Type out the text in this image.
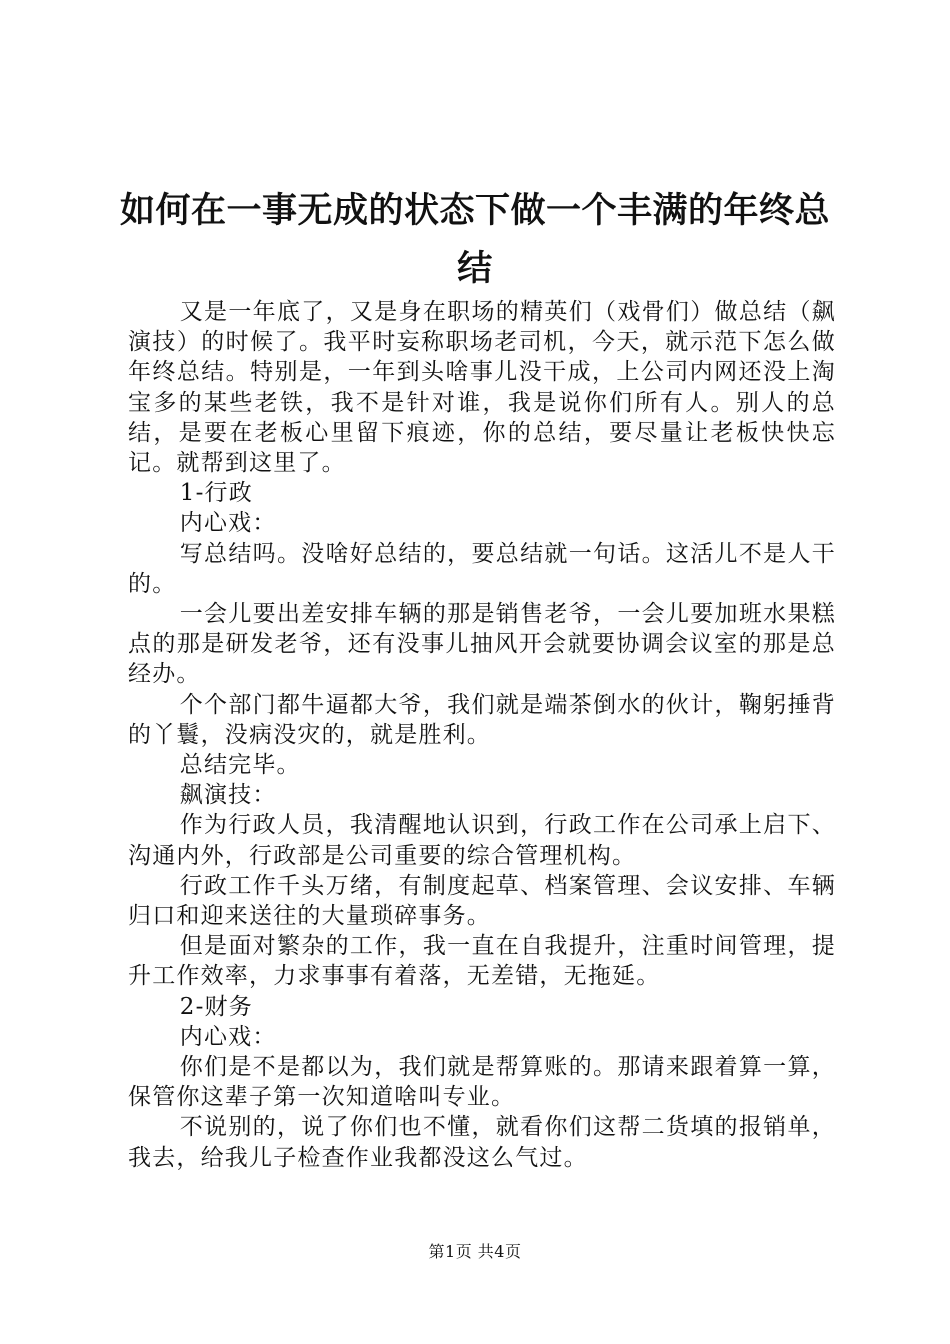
如何在一事无成的状态下做一个丰满的年终总结

又是一年底了，又是身在职场的精英们（戏骨们）做总结（飙演技）的时候了。我平时妄称职场老司机，今天，就示范下怎么做年终总结。特别是，一年到头啥事儿没干成，上公司内网还没上淘宝多的某些老铁，我不是针对谁，我是说你们所有人。别人的总结，是要在老板心里留下痕迹，你的总结，要尽量让老板快快忘记。就帮到这里了。

1-行政

内心戏：

写总结吗。没啥好总结的，要总结就一句话。这活儿不是人干的。

一会儿要出差安排车辆的那是销售老爷，一会儿要加班水果糕点的那是研发老爷，还有没事儿抽风开会就要协调会议室的那是总经办。

个个部门都牛逼都大爷，我们就是端茶倒水的伙计，鞠躬捶背的丫鬟，没病没灾的，就是胜利。

总结完毕。

飙演技：

作为行政人员，我清醒地认识到，行政工作在公司承上启下、沟通内外，行政部是公司重要的综合管理机构。

行政工作千头万绪，有制度起草、档案管理、会议安排、车辆归口和迎来送往的大量琐碎事务。

但是面对繁杂的工作，我一直在自我提升，注重时间管理，提升工作效率，力求事事有着落，无差错，无拖延。

2-财务

内心戏：

你们是不是都以为，我们就是帮算账的。那请来跟着算一算，保管你这辈子第一次知道啥叫专业。

不说别的，说了你们也不懂，就看你们这帮二货填的报销单，我去，给我儿子检查作业我都没这么气过。

第1页 共4页
